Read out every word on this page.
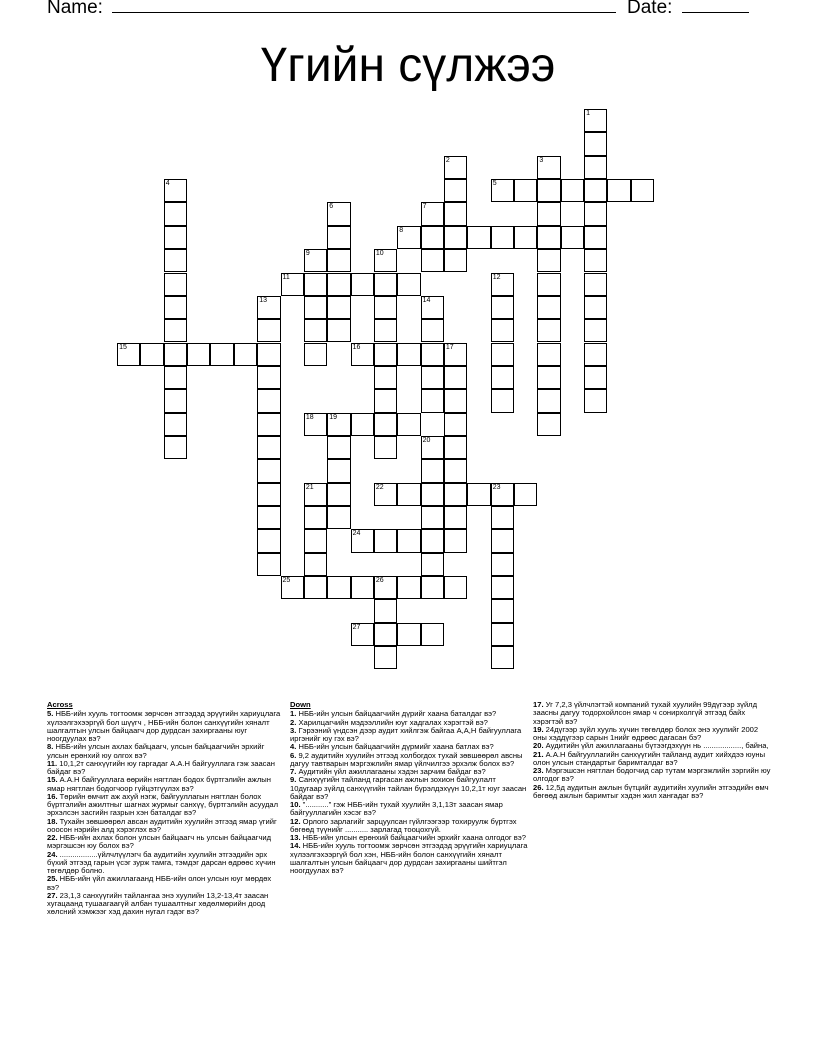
Name:	Date:
Үгийн сүлжээ
1
2	3
4	5
6	7
8
9	10
11	12
13	14
15	16	17
18 19
20
21	22	23
24
25	26
27
Across
5. НББ-ийн хууль тогтоомж зөрчсөн этгээдэд эрүүгийн хариуцлага хүлээлгэхээргүй бол шүүгч , НББ-ийн болон санхүүгийн хяналт шалгалтын улсын байцаагч дор дурдсан захиргааны юуг ноогдуулах вэ?
8. НББ-ийн улсын ахлах байцаагч, улсын байцаагчийн эрхийг улсын ерөнхий юу олгох вэ?
11. 10,1,2т санхүүгийн юу гаргадаг А.А.Н байгууллага гэж заасан байдаг вэ?
15. А.А.Н байгууллага өөрийн нягтлан бодох бүртгэлийн ажлын ямар нягтлан бодогчоор гүйцэтгүүлэх вэ?
16. Төрийн өмчит аж ахуй нэгж, байгууллагын нягтлан болох бүртгэлийн ажилтныг шагнах журмыг санхүү, бүртгэлийн асуудал эрхэлсэн засгийн газрын хэн баталдаг вэ?
18. Тухайн зөвшөөрөл авсан аудитийн хуулийн этгээд ямар үгийг ооосон нэрийн алд хэрэглэх вэ?
22. НББ-ийн ахлах болон улсын байцаагч нь улсын байцаагчид мэргэшсэн юу болох вэ?
24. ..................үйлчлүүлэгч ба аудитийн хуулийн этгээдийн эрх бүхий этгээд гарын үсэг зурж тамга, тэмдэг дарсан өдрөөс хүчин төгөлдөр болно.
25. НББ-ийн үйл ажиллагаанд НББ-ийн олон улсын юуг мөрдөх вэ?
27. 23,1,3 санхүүгийн тайлангаа энэ хуулийн 13,2-13,4т заасан хугацаанд тушаагаагүй албан тушаалтныг хөдөлмөрийн доод хөлсний хэмжээг хэд дахин нугал гэдэг вэ?
Down
1. НББ-ийн улсын байцаагчийн дүрийг хаана баталдаг вэ?
2. Харилцагчийн мэдээллийн юуг хадгалах хэрэгтэй вэ?
3. Гэрээний үндсэн дээр аудит хийлгэж байгаа А,А,Н байгууллага иргэнийг юу гэх вэ?
4. НББ-ийн улсын байцаагчийн дүрмийг хаана батлах вэ?
6. 9,2 аудитийн хуулийн этгээд холбогдох тухай зөвшөөрөл авсны дагуу тавтварын мэргэжлийн ямар үйлчилгээ эрхэлж болох вэ?
7. Аудитийн үйл ажиллагааны хэдэн зарчим байдаг вэ?
9. Санхүүгийн тайланд гаргасан ажлын зохион байгуулалт 10дугаар зүйлд санхүүгийн тайлан бүрэлдэхүүн 10,2,1т юуг заасан байдаг вэ?
10. "..........." гэж НББ-ийн тухай хуулийн 3,1,13т заасан ямар байгууллагийн хэсэг вэ?
12. Орлого зарлагийг зарцуулсан гүйлгээгээр тохируулж бүртгэх бөгөөд түүнийг ........... зарлагад тооцохгүй.
13. НББ-ийн улсын ерөнхий байцаагчийн эрхийг хаана олгодог вэ?
14. НББ-ийн хууль тогтоомж зөрчсөн этгээдэд эрүүгийн хариуцлага хүлээлгэхээргүй бол хэн, НББ-ийн болон санхүүгийн хяналт шалгалтын улсын байцаагч дор дурдсан захиргааны шийтгэл ноогдуулах вэ?
17. Уг 7,2,3 үйлчлэгтэй компаний тухай хуулийн 99дүгээр зүйлд заасны дагуу тодорхойлсон ямар ч сонирхолгүй этгээд байх хэрэгтэй вэ?
19. 24дүгээр зүйл хууль хүчин төгөлдөр болох энэ хуулийг 2002 оны хэддүгээр сарын 1нийг өдрөөс дагасан бэ?
20. Аудитийн үйл ажиллагааны бүтээгдэхүүн нь .................., байна,
21. А.А.Н байгууллагийн санхүүгийн тайланд аудит хийхдээ юуны олон улсын стандартыг баримталдаг вэ?
23. Мэргэшсэн нягтлан бодогчид сар тутам мэргэжлийн зэргийн юу олгодог вэ?
26. 12,5д аудитын ажлын бүтцийг аудитийн хуулийн этгээдийн өмч бөгөөд ажлын баримтыг хэдэн жил хангадаг вэ?
